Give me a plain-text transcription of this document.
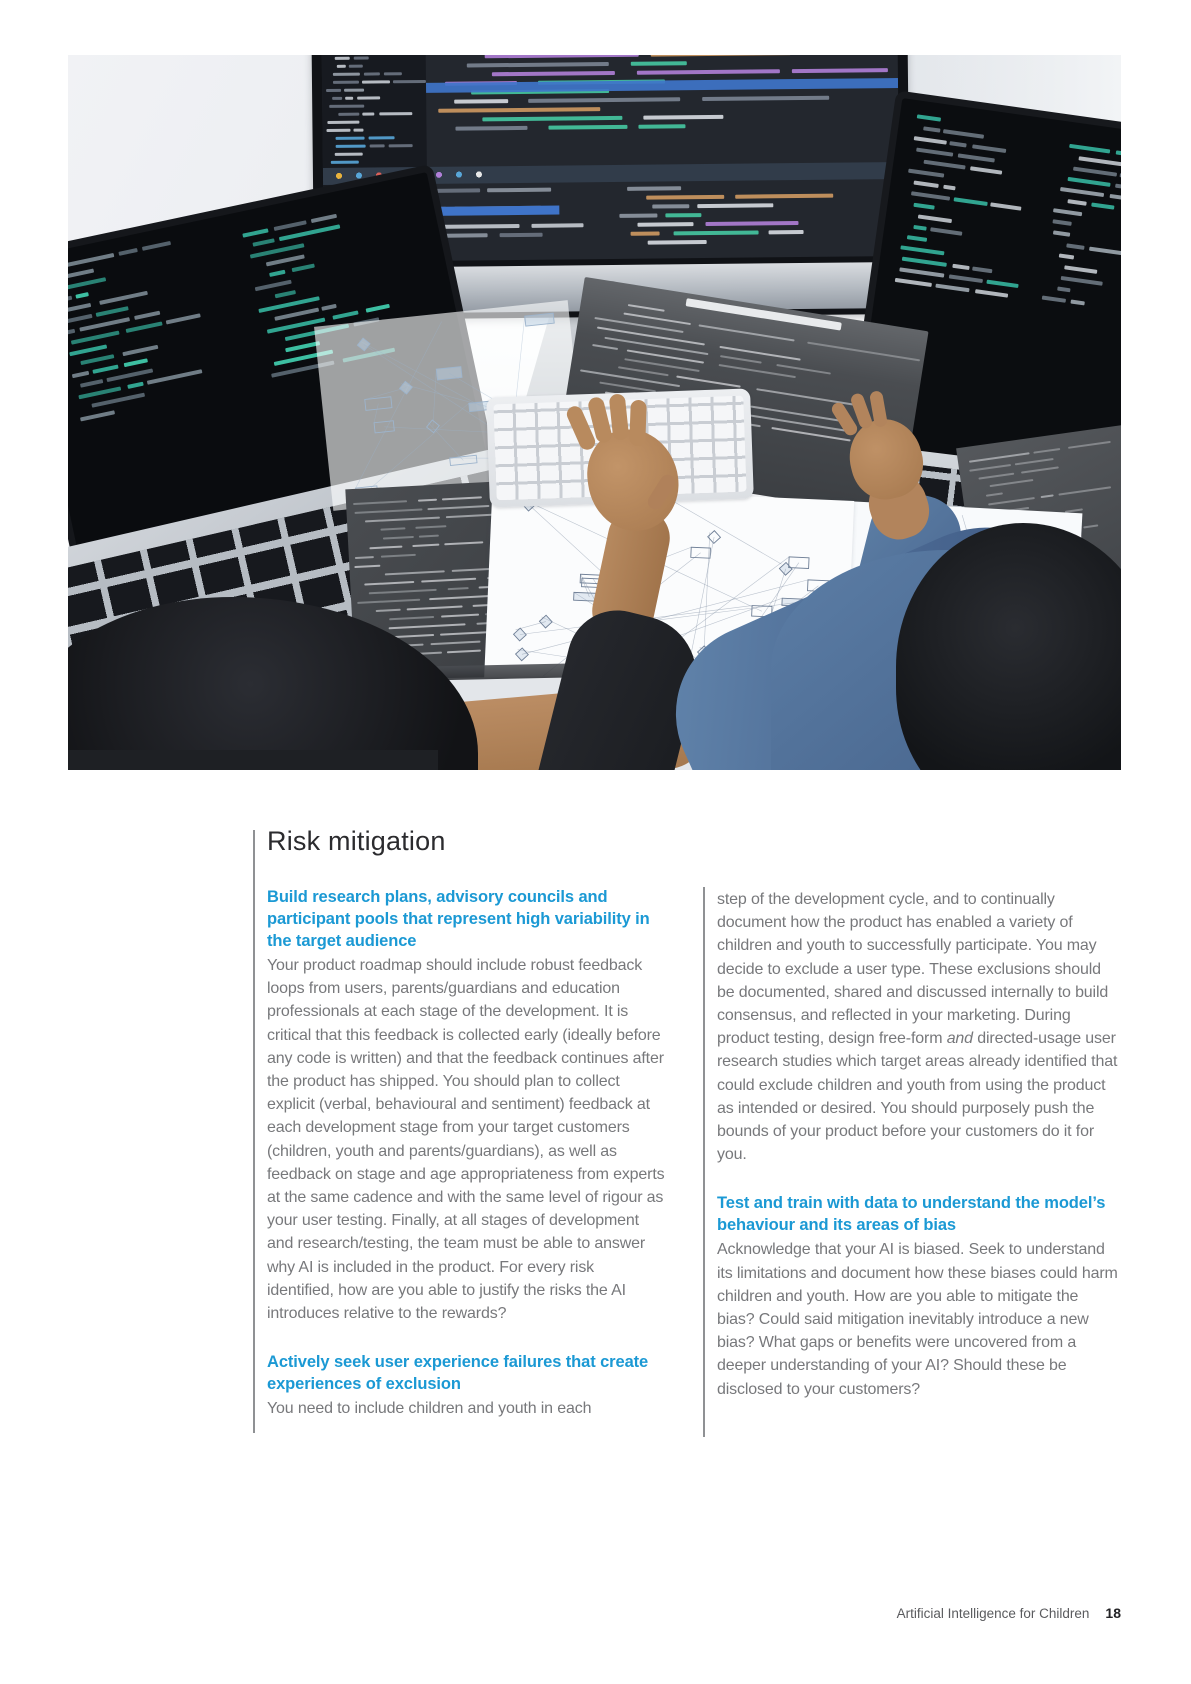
Risk mitigation
Build research plans, advisory councils and participant pools that represent high variability in the target audience

Your product roadmap should include robust feedback loops from users, parents/guardians and education professionals at each stage of the development. It is critical that this feedback is collected early (ideally before any code is written) and that the feedback continues after the product has shipped. You should plan to collect explicit (verbal, behavioural and sentiment) feedback at each development stage from your target customers (children, youth and parents/guardians), as well as feedback on stage and age appropriateness from experts at the same cadence and with the same level of rigour as your user testing. Finally, at all stages of development and research/testing, the team must be able to answer why AI is included in the product. For every risk identified, how are you able to justify the risks the AI introduces relative to the rewards?

Actively seek user experience failures that create experiences of exclusion

You need to include children and youth in each

step of the development cycle, and to continually document how the product has enabled a variety of children and youth to successfully participate. You may decide to exclude a user type. These exclusions should be documented, shared and discussed internally to build consensus, and reflected in your marketing. During product testing, design free-form and directed-usage user research studies which target areas already identified that could exclude children and youth from using the product as intended or desired. You should purposely push the bounds of your product before your customers do it for you.

Test and train with data to understand the model’s behaviour and its areas of bias

Acknowledge that your AI is biased. Seek to understand its limitations and document how these biases could harm children and youth. How are you able to mitigate the bias? Could said mitigation inevitably introduce a new bias? What gaps or benefits were uncovered from a deeper understanding of your AI? Should these be disclosed to your customers?

Artificial Intelligence for Children 18
